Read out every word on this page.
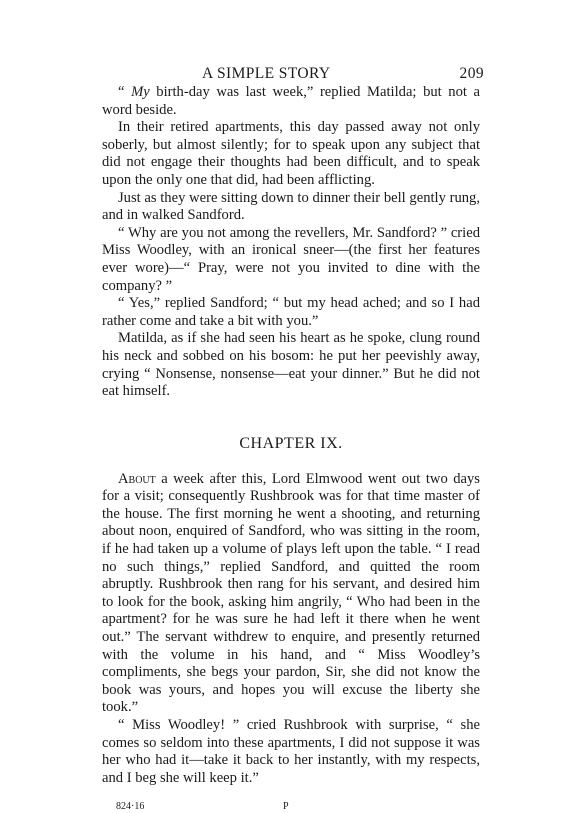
A SIMPLE STORY	209

“ My birth-day was last week,” replied Matilda; but not a word beside.

In their retired apartments, this day passed away not only soberly, but almost silently; for to speak upon any subject that did not engage their thoughts had been difficult, and to speak upon the only one that did, had been afflicting.

Just as they were sitting down to dinner their bell gently rung, and in walked Sandford.

“ Why are you not among the revellers, Mr. Sandford? ” cried Miss Woodley, with an ironical sneer—(the first her features ever wore)—“ Pray, were not you invited to dine with the company? ”

“ Yes,” replied Sandford; “ but my head ached; and so I had rather come and take a bit with you.”

Matilda, as if she had seen his heart as he spoke, clung round his neck and sobbed on his bosom: he put her peevishly away, crying “ Nonsense, nonsense—eat your dinner.” But he did not eat himself.

CHAPTER IX.

About a week after this, Lord Elmwood went out two days for a visit; consequently Rushbrook was for that time master of the house. The first morning he went a shooting, and returning about noon, enquired of Sandford, who was sitting in the room, if he had taken up a volume of plays left upon the table. “ I read no such things,” replied Sandford, and quitted the room abruptly. Rushbrook then rang for his servant, and desired him to look for the book, asking him angrily, “ Who had been in the apartment? for he was sure he had left it there when he went out.” The servant withdrew to enquire, and presently returned with the volume in his hand, and “ Miss Woodley’s compliments, she begs your pardon, Sir, she did not know the book was yours, and hopes you will excuse the liberty she took.”

“ Miss Woodley! ” cried Rushbrook with surprise, “ she comes so seldom into these apartments, I did not suppose it was her who had it—take it back to her instantly, with my respects, and I beg she will keep it.”

824·16	P
